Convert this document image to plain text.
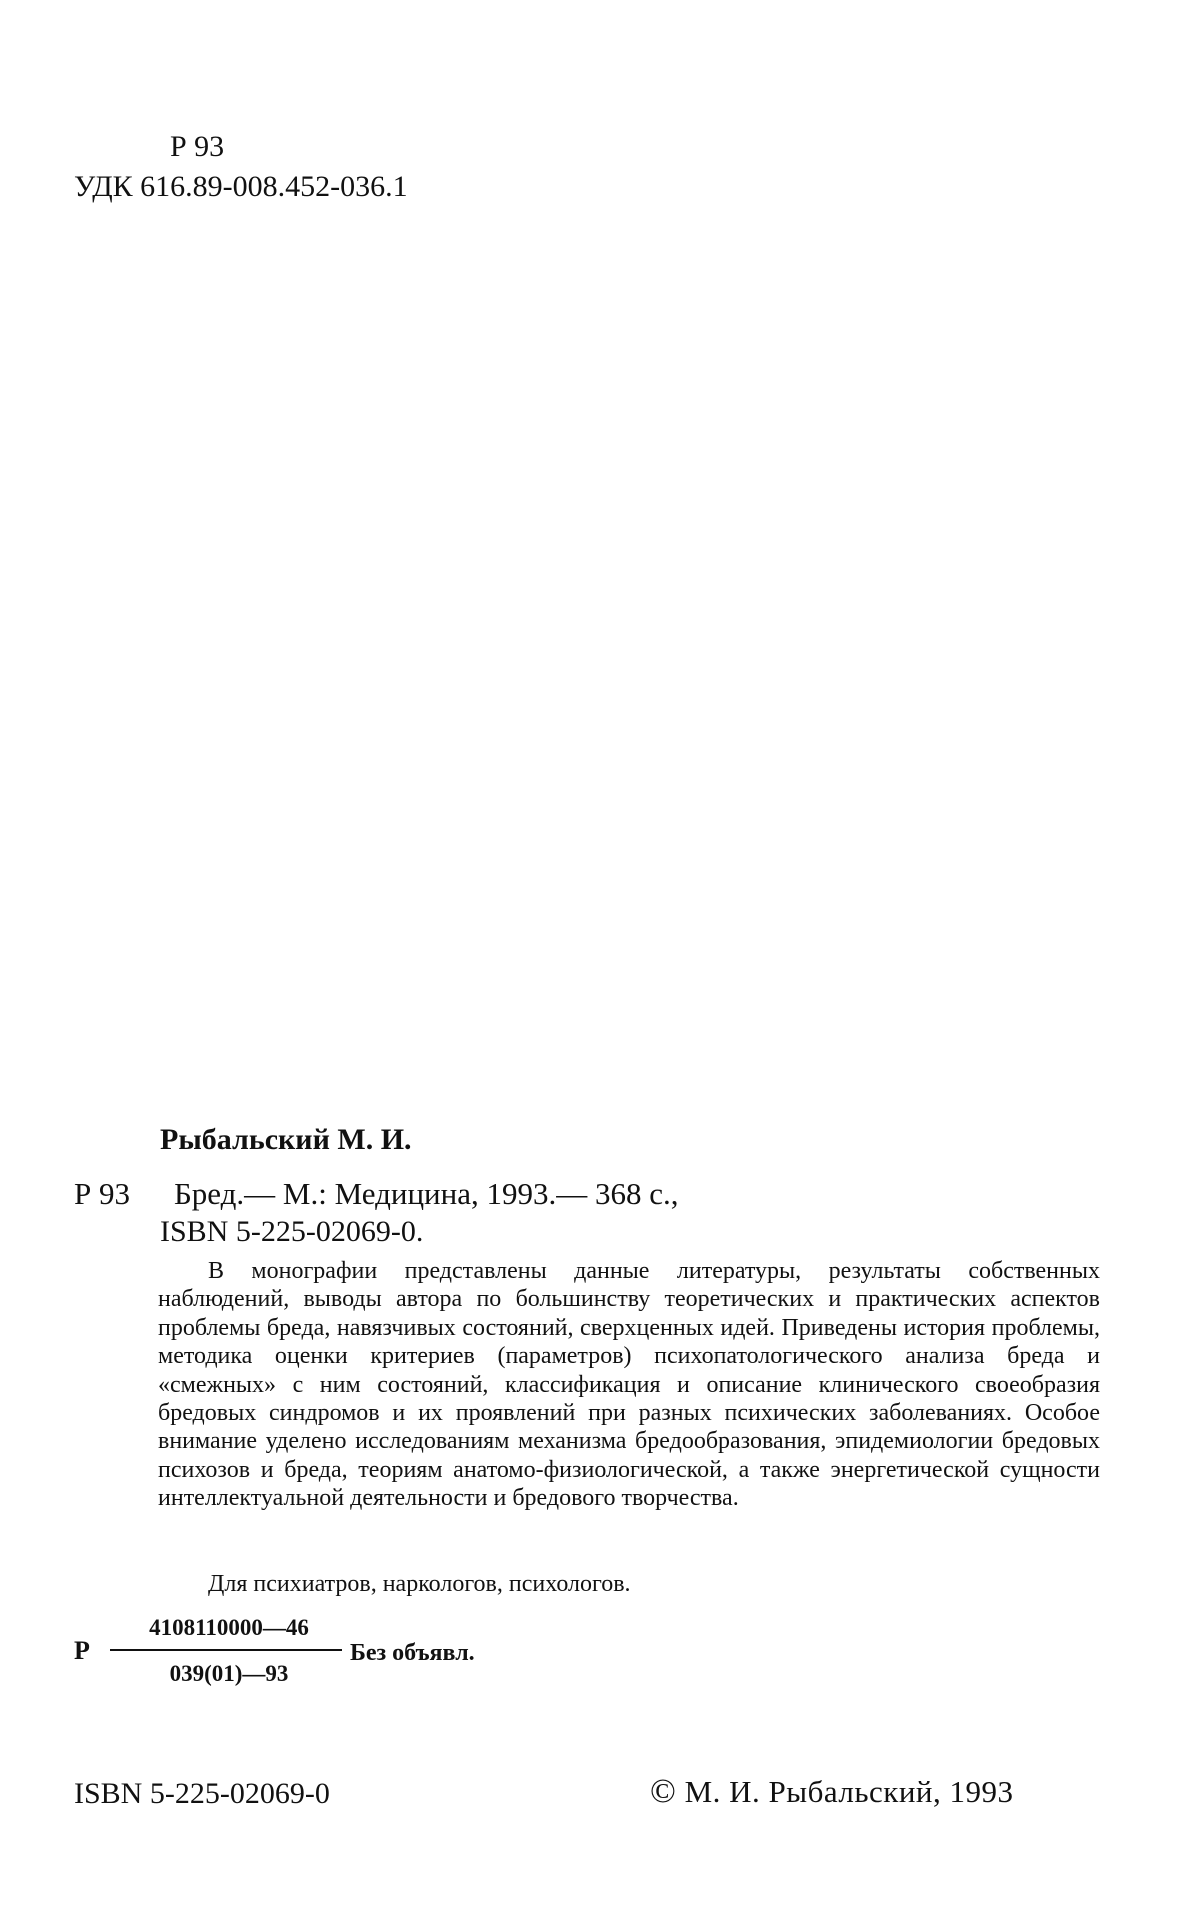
Р 93
УДК 616.89-008.452-036.1
Рыбальский М. И.
Р 93 Бред.— М.: Медицина, 1993.— 368 с.,
ISBN 5-225-02069-0.

В монографии представлены данные литературы, результаты собственных наблюдений, выводы автора по большинству теоретических и практических аспектов проблемы бреда, навязчивых состояний, сверхценных идей. Приведены история проблемы, методика оценки критериев (параметров) психопатологического анализа бреда и «смежных» с ним состояний, классификация и описание клинического своеобразия бредовых синдромов и их проявлений при разных психических заболеваниях. Особое внимание уделено исследованиям механизма бредообразования, эпидемиологии бредовых психозов и бреда, теориям анатомо-физиологической, а также энергетической сущности интеллектуальной деятельности и бредового творчества.

Для психиатров, наркологов, психологов.
Р
4108110000—46
039(01)—93
Без объявл.
ISBN 5-225-02069-0	© М. И. Рыбальский, 1993
